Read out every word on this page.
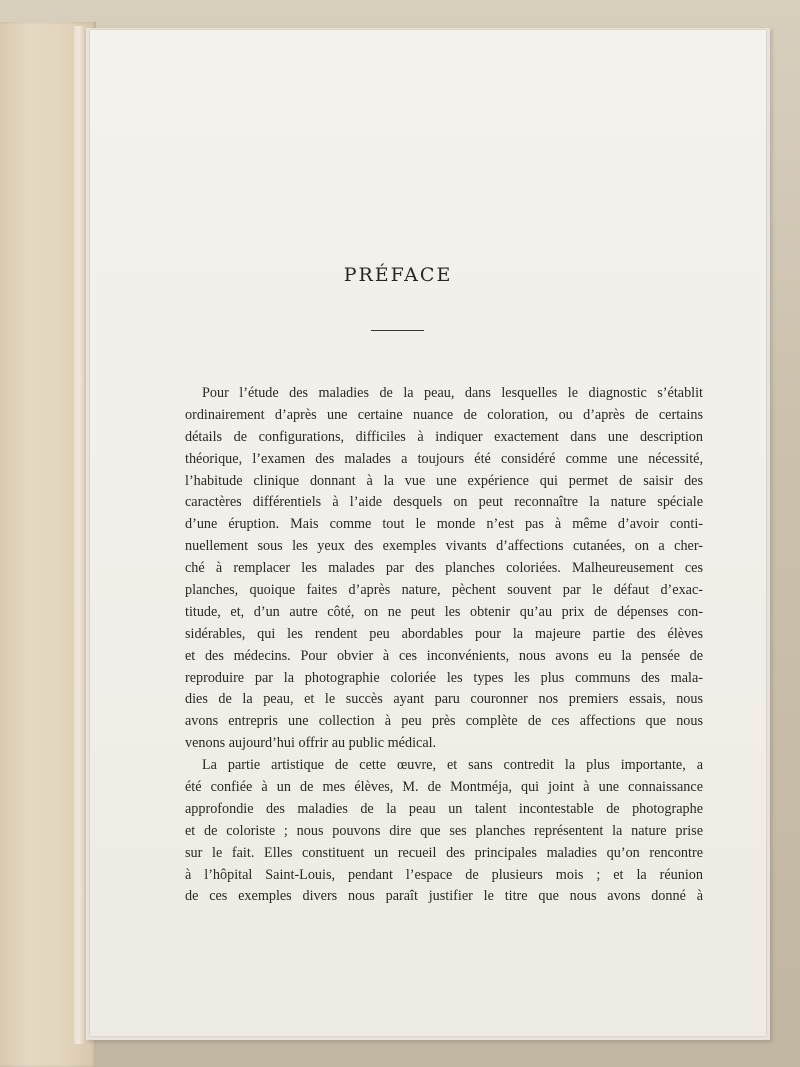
PRÉFACE
Pour l’étude des maladies de la peau, dans lesquelles le diagnostic s’établit
ordinairement d’après une certaine nuance de coloration, ou d’après de certains
détails de configurations, difficiles à indiquer exactement dans une description
théorique, l’examen des malades a toujours été considéré comme une nécessité,
l’habitude clinique donnant à la vue une expérience qui permet de saisir des
caractères différentiels à l’aide desquels on peut reconnaître la nature spéciale
d’une éruption. Mais comme tout le monde n’est pas à même d’avoir conti-
nuellement sous les yeux des exemples vivants d’affections cutanées, on a cher-
ché à remplacer les malades par des planches coloriées. Malheureusement ces
planches, quoique faites d’après nature, pèchent souvent par le défaut d’exac-
titude, et, d’un autre côté, on ne peut les obtenir qu’au prix de dépenses con-
sidérables, qui les rendent peu abordables pour la majeure partie des élèves
et des médecins. Pour obvier à ces inconvénients, nous avons eu la pensée de
reproduire par la photographie coloriée les types les plus communs des mala-
dies de la peau, et le succès ayant paru couronner nos premiers essais, nous
avons entrepris une collection à peu près complète de ces affections que nous
venons aujourd’hui offrir au public médical.
La partie artistique de cette œuvre, et sans contredit la plus importante, a
été confiée à un de mes élèves, M. de Montméja, qui joint à une connaissance
approfondie des maladies de la peau un talent incontestable de photographe
et de coloriste ; nous pouvons dire que ses planches représentent la nature prise
sur le fait. Elles constituent un recueil des principales maladies qu’on rencontre
à l’hôpital Saint-Louis, pendant l’espace de plusieurs mois ; et la réunion
de ces exemples divers nous paraît justifier le titre que nous avons donné à
